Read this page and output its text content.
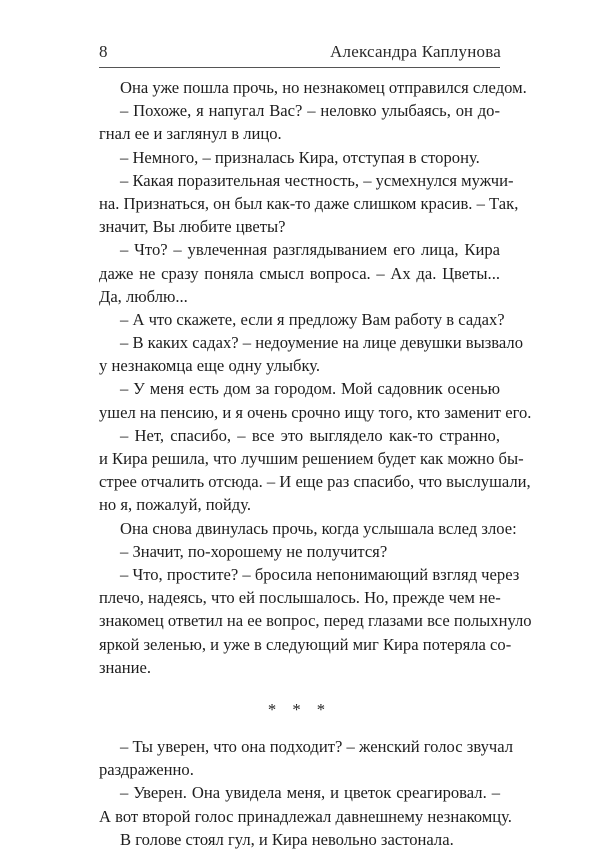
8	Александра Каплунова
Она уже пошла прочь, но незнакомец отправился следом.
– Похоже, я напугал Вас? – неловко улыбаясь, он до-
гнал ее и заглянул в лицо.
– Немного, – призналась Кира, отступая в сторону.
– Какая поразительная честность, – усмехнулся мужчи-
на. Признаться, он был как-то даже слишком красив. – Так,
значит, Вы любите цветы?
– Что? – увлеченная разглядыванием его лица, Кира
даже не сразу поняла смысл вопроса. – Ах да. Цветы...
Да, люблю...
– А что скажете, если я предложу Вам работу в садах?
– В каких садах? – недоумение на лице девушки вызвало
у незнакомца еще одну улыбку.
– У меня есть дом за городом. Мой садовник осенью
ушел на пенсию, и я очень срочно ищу того, кто заменит его.
– Нет, спасибо, – все это выглядело как-то странно,
и Кира решила, что лучшим решением будет как можно бы-
стрее отчалить отсюда. – И еще раз спасибо, что выслушали,
но я, пожалуй, пойду.
Она снова двинулась прочь, когда услышала вслед злое:
– Значит, по-хорошему не получится?
– Что, простите? – бросила непонимающий взгляд через
плечо, надеясь, что ей послышалось. Но, прежде чем не-
знакомец ответил на ее вопрос, перед глазами все полыхнуло
яркой зеленью, и уже в следующий миг Кира потеряла со-
знание.
* * *
– Ты уверен, что она подходит? – женский голос звучал
раздраженно.
– Уверен. Она увидела меня, и цветок среагировал. –
А вот второй голос принадлежал давнешнему незнакомцу.
В голове стоял гул, и Кира невольно застонала.
